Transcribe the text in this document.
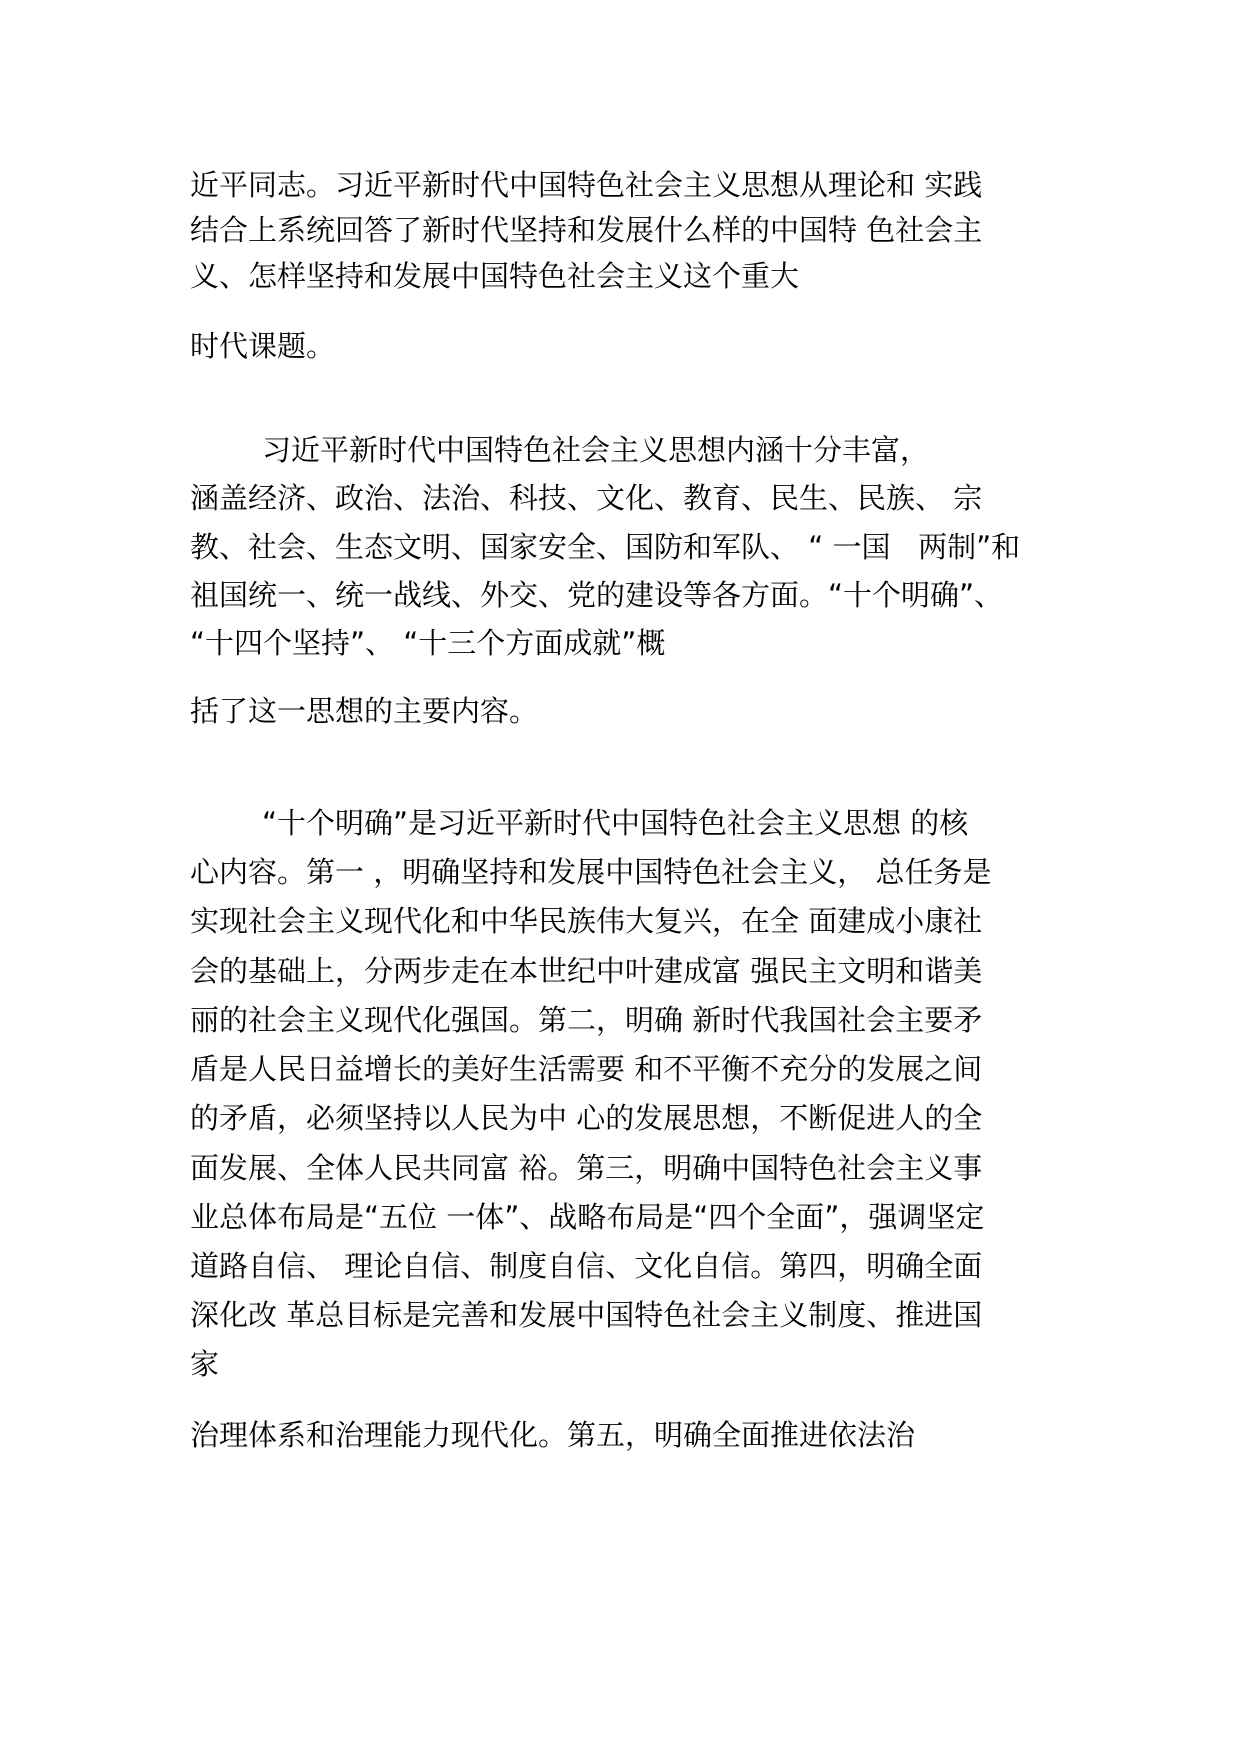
近平同志。习近平新时代中国特色社会主义思想从理论和 实践
结合上系统回答了新时代坚持和发展什么样的中国特 色社会主
义、怎样坚持和发展中国特色社会主义这个重大
时代课题。
习近平新时代中国特色社会主义思想内涵十分丰富，
涵盖经济、政治、法治、科技、文化、教育、民生、民族、 宗
教、社会、生态文明、国家安全、国防和军队、 “ 一国   两制”和
祖国统一、统一战线、外交、党的建设等各方面。“十个明确”、
“十四个坚持”、 “十三个方面成就”概
括了这一思想的主要内容。
“十个明确”是习近平新时代中国特色社会主义思想 的核
心内容。第一 ，明确坚持和发展中国特色社会主义， 总任务是
实现社会主义现代化和中华民族伟大复兴，在全 面建成小康社
会的基础上，分两步走在本世纪中叶建成富 强民主文明和谐美
丽的社会主义现代化强国。第二，明确 新时代我国社会主要矛
盾是人民日益增长的美好生活需要 和不平衡不充分的发展之间
的矛盾，必须坚持以人民为中 心的发展思想，不断促进人的全
面发展、全体人民共同富 裕。第三，明确中国特色社会主义事
业总体布局是“五位 一体”、战略布局是“四个全面”，强调坚定
道路自信、 理论自信、制度自信、文化自信。第四，明确全面
深化改 革总目标是完善和发展中国特色社会主义制度、推进国
家
治理体系和治理能力现代化。第五，明确全面推进依法治
